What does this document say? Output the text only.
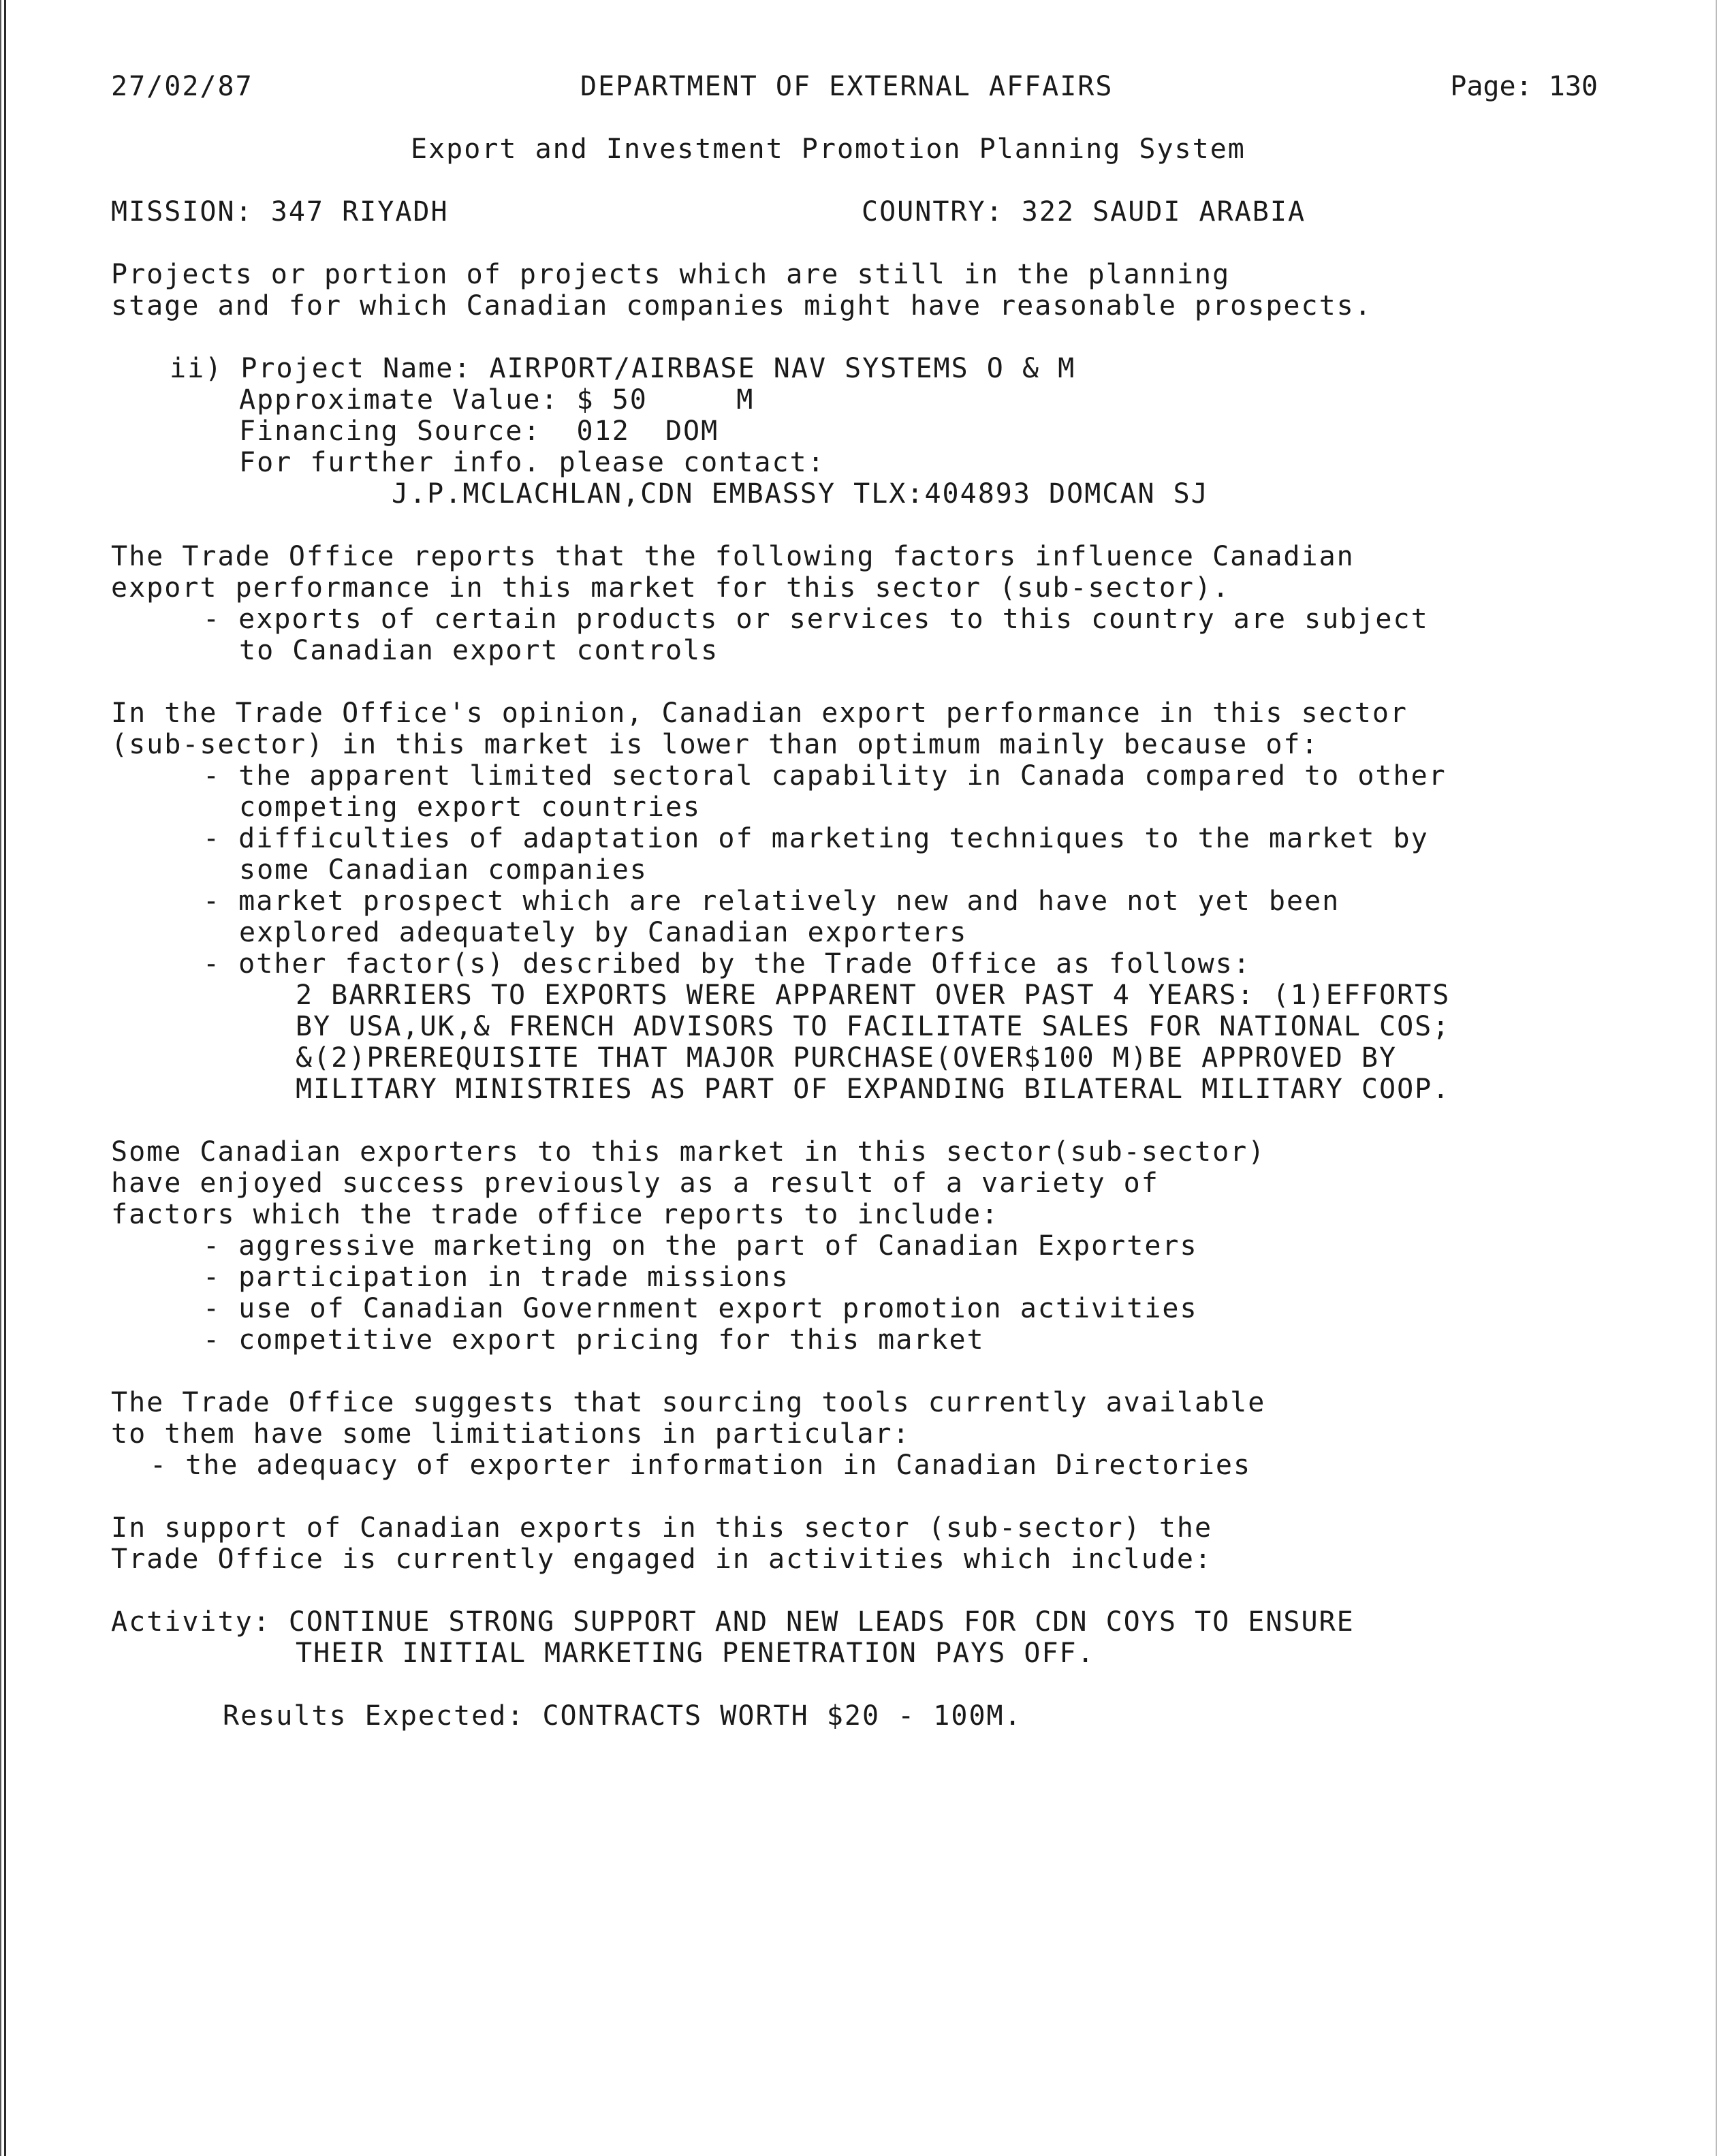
27/02/87	DEPARTMENT OF EXTERNAL AFFAIRS	Page: 130
Export and Investment Promotion Planning System
MISSION: 347 RIYADH	COUNTRY: 322 SAUDI ARABIA
Projects or portion of projects which are still in the planning
stage and for which Canadian companies might have reasonable prospects.
ii) Project Name: AIRPORT/AIRBASE NAV SYSTEMS O & M
Approximate Value: $ 50     M
Financing Source:  012  DOM
For further info. please contact:
J.P.MCLACHLAN,CDN EMBASSY TLX:404893 DOMCAN SJ
The Trade Office reports that the following factors influence Canadian
export performance in this market for this sector (sub-sector).
- exports of certain products or services to this country are subject
to Canadian export controls
In the Trade Office's opinion, Canadian export performance in this sector
(sub-sector) in this market is lower than optimum mainly because of:
- the apparent limited sectoral capability in Canada compared to other
competing export countries
- difficulties of adaptation of marketing techniques to the market by
some Canadian companies
- market prospect which are relatively new and have not yet been
explored adequately by Canadian exporters
- other factor(s) described by the Trade Office as follows:
2 BARRIERS TO EXPORTS WERE APPARENT OVER PAST 4 YEARS: (1)EFFORTS
BY USA,UK,& FRENCH ADVISORS TO FACILITATE SALES FOR NATIONAL COS;
&(2)PREREQUISITE THAT MAJOR PURCHASE(OVER$100 M)BE APPROVED BY
MILITARY MINISTRIES AS PART OF EXPANDING BILATERAL MILITARY COOP.
Some Canadian exporters to this market in this sector(sub-sector)
have enjoyed success previously as a result of a variety of
factors which the trade office reports to include:
- aggressive marketing on the part of Canadian Exporters
- participation in trade missions
- use of Canadian Government export promotion activities
- competitive export pricing for this market
The Trade Office suggests that sourcing tools currently available
to them have some limitiations in particular:
- the adequacy of exporter information in Canadian Directories
In support of Canadian exports in this sector (sub-sector) the
Trade Office is currently engaged in activities which include:
Activity: CONTINUE STRONG SUPPORT AND NEW LEADS FOR CDN COYS TO ENSURE
THEIR INITIAL MARKETING PENETRATION PAYS OFF.
Results Expected: CONTRACTS WORTH $20 - 100M.
